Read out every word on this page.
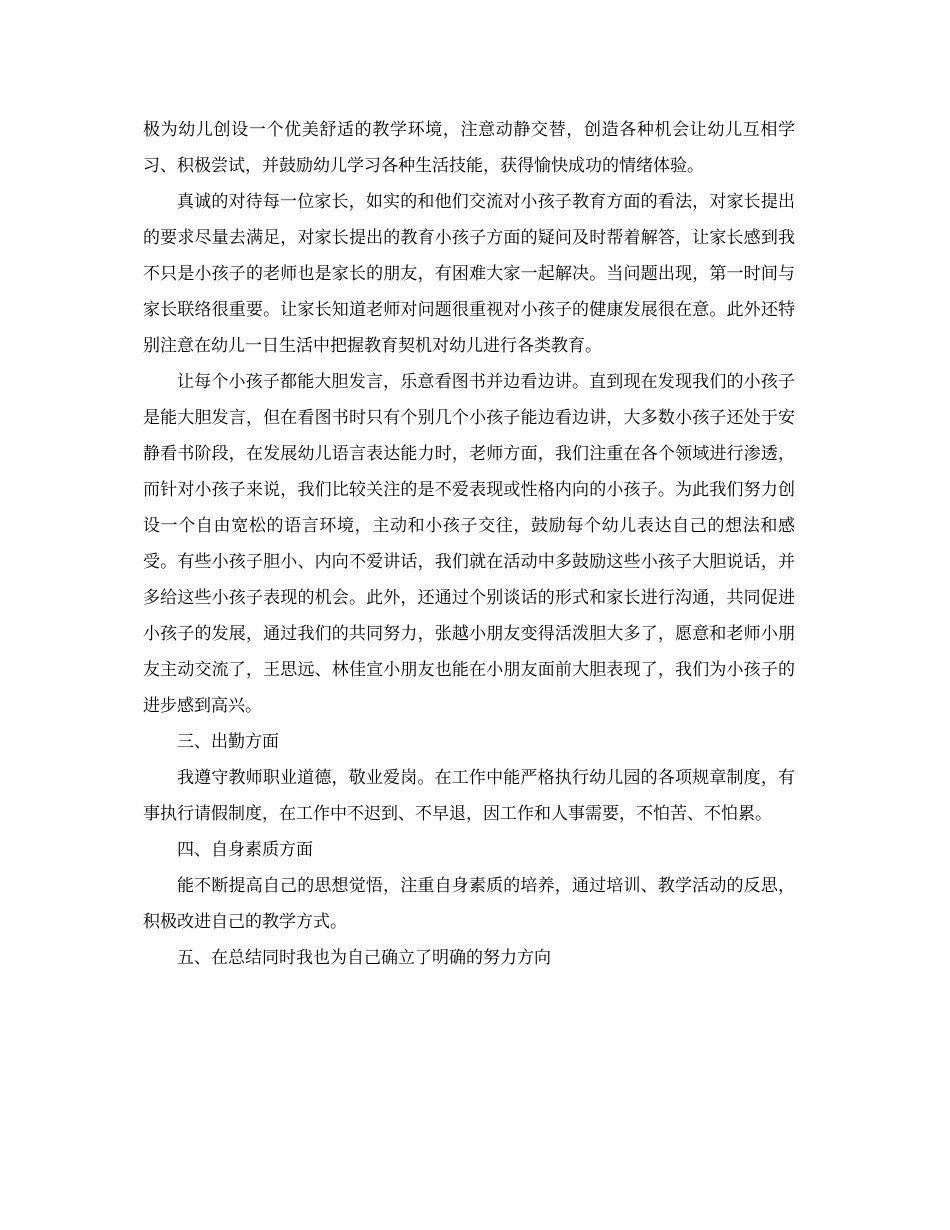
极为幼儿创设一个优美舒适的教学环境，注意动静交替，创造各种机会让幼儿互相学习、积极尝试，并鼓励幼儿学习各种生活技能，获得愉快成功的情绪体验。

真诚的对待每一位家长，如实的和他们交流对小孩子教育方面的看法，对家长提出的要求尽量去满足，对家长提出的教育小孩子方面的疑问及时帮着解答，让家长感到我不只是小孩子的老师也是家长的朋友，有困难大家一起解决。当问题出现，第一时间与家长联络很重要。让家长知道老师对问题很重视对小孩子的健康发展很在意。此外还特别注意在幼儿一日生活中把握教育契机对幼儿进行各类教育。

让每个小孩子都能大胆发言，乐意看图书并边看边讲。直到现在发现我们的小孩子是能大胆发言，但在看图书时只有个别几个小孩子能边看边讲，大多数小孩子还处于安静看书阶段，在发展幼儿语言表达能力时，老师方面，我们注重在各个领域进行渗透，而针对小孩子来说，我们比较关注的是不爱表现或性格内向的小孩子。为此我们努力创设一个自由宽松的语言环境，主动和小孩子交往，鼓励每个幼儿表达自己的想法和感受。有些小孩子胆小、内向不爱讲话，我们就在活动中多鼓励这些小孩子大胆说话，并多给这些小孩子表现的机会。此外，还通过个别谈话的形式和家长进行沟通，共同促进小孩子的发展，通过我们的共同努力，张越小朋友变得活泼胆大多了，愿意和老师小朋友主动交流了，王思远、林佳宣小朋友也能在小朋友面前大胆表现了，我们为小孩子的进步感到高兴。

三、出勤方面

我遵守教师职业道德，敬业爱岗。在工作中能严格执行幼儿园的各项规章制度，有事执行请假制度，在工作中不迟到、不早退，因工作和人事需要，不怕苦、不怕累。

四、自身素质方面

能不断提高自己的思想觉悟，注重自身素质的培养，通过培训、教学活动的反思，积极改进自己的教学方式。

五、在总结同时我也为自己确立了明确的努力方向
